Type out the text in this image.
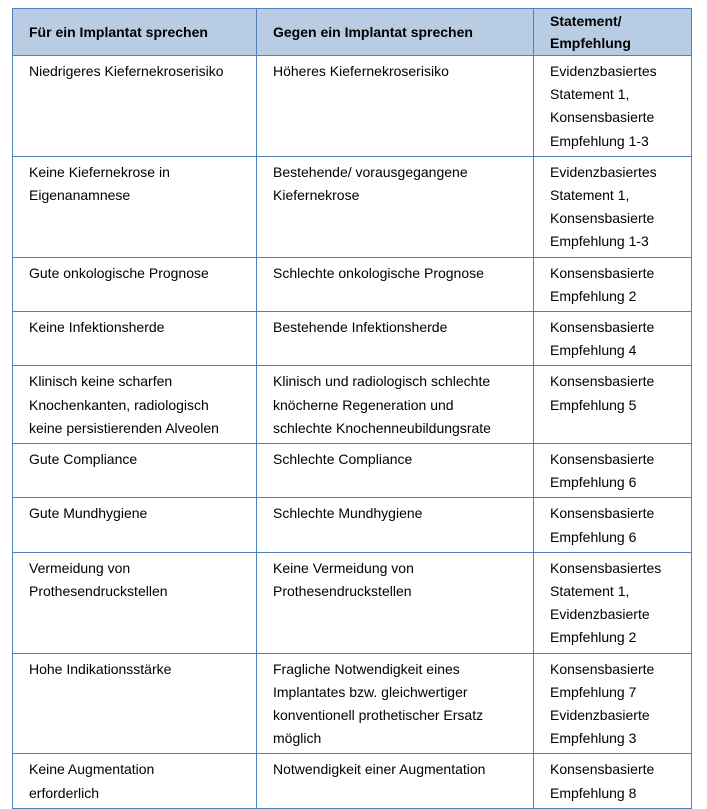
Für ein Implantat sprechen	Gegen ein Implantat sprechen	Statement/
Empfehlung

Niedrigeres Kiefernekroserisiko	Höheres Kiefernekroserisiko	Evidenzbasiertes
Statement 1,
Konsensbasierte
Empfehlung 1-3

Keine Kiefernekrose in
Eigenanamnese	Bestehende/ vorausgegangene
Kiefernekrose	Evidenzbasiertes
Statement 1,
Konsensbasierte
Empfehlung 1-3

Gute onkologische Prognose	Schlechte onkologische Prognose	Konsensbasierte
Empfehlung 2

Keine Infektionsherde	Bestehende Infektionsherde	Konsensbasierte
Empfehlung 4

Klinisch keine scharfen
Knochenkanten, radiologisch
keine persistierenden Alveolen	Klinisch und radiologisch schlechte
knöcherne Regeneration und
schlechte Knochenneubildungsrate	Konsensbasierte
Empfehlung 5

Gute Compliance	Schlechte Compliance	Konsensbasierte
Empfehlung 6

Gute Mundhygiene	Schlechte Mundhygiene	Konsensbasierte
Empfehlung 6

Vermeidung von
Prothesendruckstellen	Keine Vermeidung von
Prothesendruckstellen	Konsensbasiertes
Statement 1,
Evidenzbasierte
Empfehlung 2

Hohe Indikationsstärke	Fragliche Notwendigkeit eines
Implantates bzw. gleichwertiger
konventionell prothetischer Ersatz
möglich	Konsensbasierte
Empfehlung 7
Evidenzbasierte
Empfehlung 3

Keine Augmentation
erforderlich	Notwendigkeit einer Augmentation	Konsensbasierte
Empfehlung 8
